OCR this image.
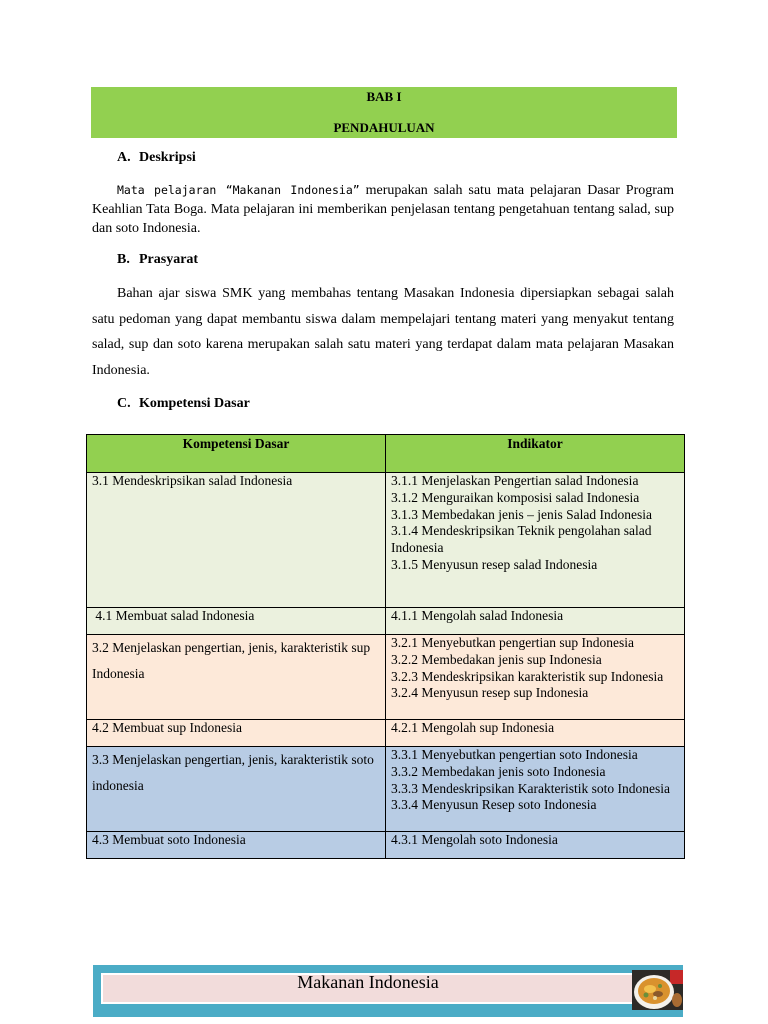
BAB I
PENDAHULUAN
A. Deskripsi
Mata pelajaran “Makanan Indonesia” merupakan salah satu mata pelajaran Dasar Program Keahlian Tata Boga. Mata pelajaran ini memberikan penjelasan tentang pengetahuan tentang salad, sup dan soto Indonesia.
B. Prasyarat
Bahan ajar siswa SMK yang membahas tentang Masakan Indonesia dipersiapkan sebagai salah satu pedoman yang dapat membantu siswa dalam mempelajari tentang materi yang menyakut tentang salad, sup dan soto karena merupakan salah satu materi yang terdapat dalam mata pelajaran Masakan Indonesia.
C. Kompetensi Dasar
Kompetensi Dasar	Indikator
3.1 Mendeskripsikan salad Indonesia	3.1.1 Menjelaskan Pengertian salad Indonesia
3.1.2 Menguraikan komposisi salad Indonesia
3.1.3 Membedakan jenis – jenis Salad Indonesia
3.1.4 Mendeskripsikan Teknik pengolahan salad Indonesia
3.1.5 Menyusun resep salad Indonesia

4.1 Membuat salad Indonesia	4.1.1 Mengolah salad Indonesia

3.2 Menjelaskan pengertian, jenis, karakteristik sup Indonesia	3.2.1 Menyebutkan pengertian sup Indonesia
3.2.2 Membedakan jenis sup Indonesia
3.2.3 Mendeskripsikan karakteristik sup Indonesia
3.2.4 Menyusun resep sup Indonesia

4.2 Membuat sup Indonesia	4.2.1 Mengolah sup Indonesia

3.3 Menjelaskan pengertian, jenis, karakteristik soto indonesia	3.3.1 Menyebutkan pengertian soto Indonesia
3.3.2 Membedakan jenis soto Indonesia
3.3.3 Mendeskripsikan Karakteristik soto Indonesia
3.3.4 Menyusun Resep soto Indonesia

4.3 Membuat soto Indonesia	4.3.1 Mengolah soto Indonesia
Makanan Indonesia
